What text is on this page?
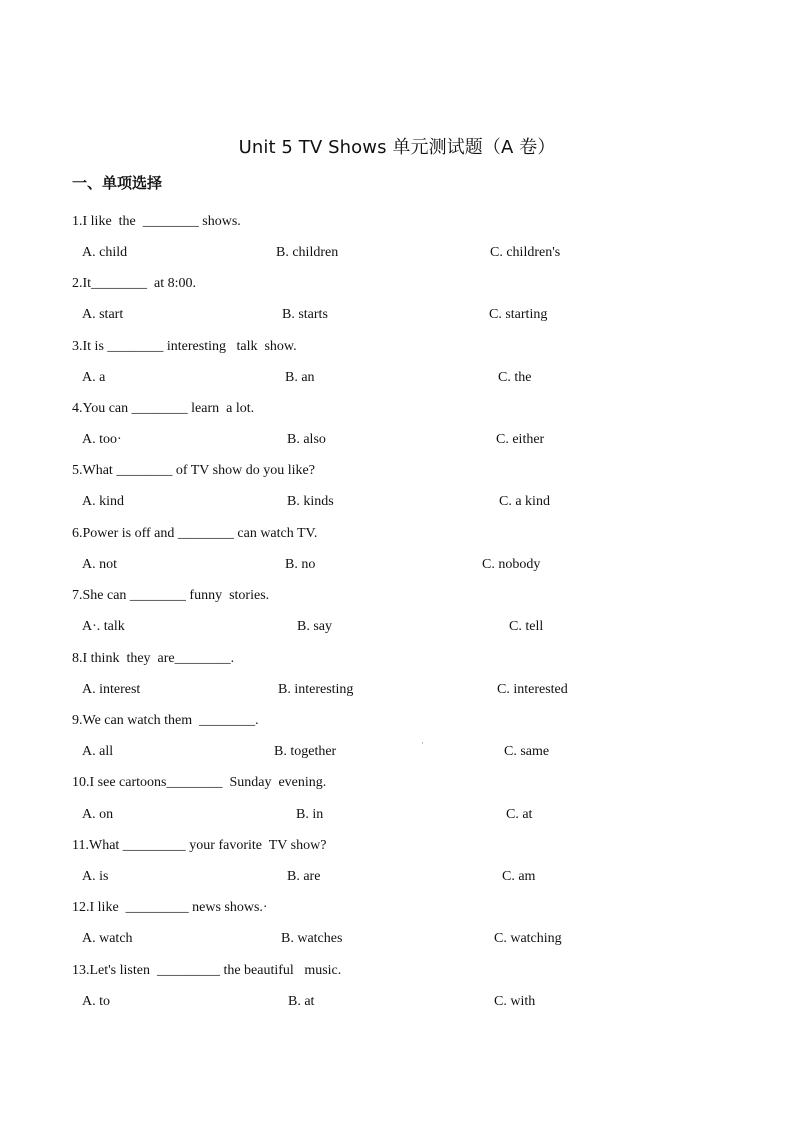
Unit 5 TV Shows 单元测试题（A 卷）
一、单项选择
1.I like  the  ________ shows.
A. child	B. children	C. children's
2.It________  at 8:00.
A. start	B. starts	C. starting
3.It is ________ interesting   talk  show.
A. a	B. an	C. the
4.You can ________ learn  a lot.
A. too·	B. also	C. either
5.What ________ of TV show do you like?
A. kind	B. kinds	C. a kind
6.Power is off and ________ can watch TV.
A. not	B. no	C. nobody
7.She can ________ funny  stories.
A·. talk	B. say	C. tell
8.I think  they  are________.
A. interest	B. interesting	C. interested
9.We can watch them  ________.
A. all	B. together	C. same
10.I see cartoons________  Sunday  evening.
A. on	B. in	C. at
11.What _________ your favorite  TV show?
A. is	B. are	C. am
12.I like  _________ news shows.·
A. watch	B. watches	C. watching
13.Let's listen  _________ the beautiful   music.
A. to	B. at	C. with
·
